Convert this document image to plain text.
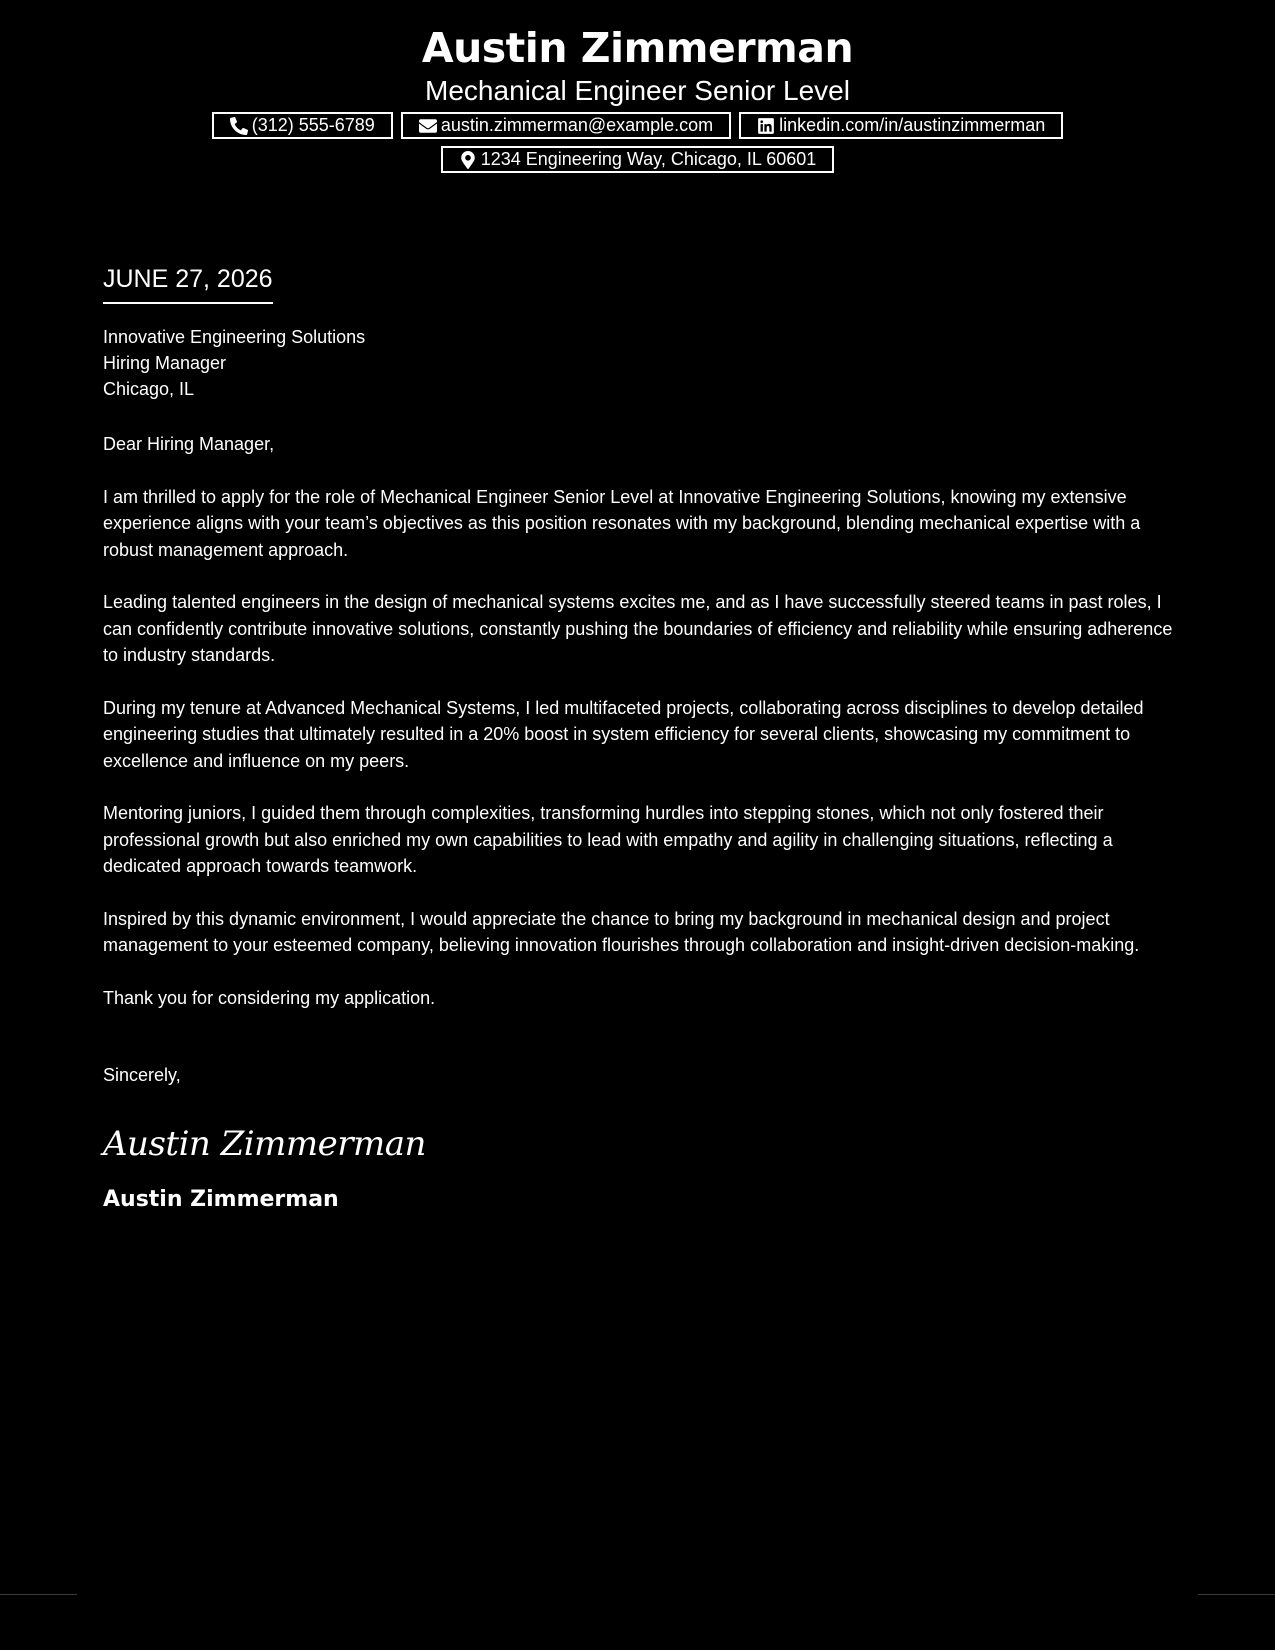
Austin Zimmerman
Mechanical Engineer Senior Level
(312) 555-6789	austin.zimmerman@example.com	linkedin.com/in/austinzimmerman
1234 Engineering Way, Chicago, IL 60601
JUNE 27, 2026
Innovative Engineering Solutions
Hiring Manager
Chicago, IL
Dear Hiring Manager,

I am thrilled to apply for the role of Mechanical Engineer Senior Level at Innovative Engineering Solutions, knowing my extensive experience aligns with your team’s objectives as this position resonates with my background, blending mechanical expertise with a robust management approach.

Leading talented engineers in the design of mechanical systems excites me, and as I have successfully steered teams in past roles, I can confidently contribute innovative solutions, constantly pushing the boundaries of efficiency and reliability while ensuring adherence to industry standards.

During my tenure at Advanced Mechanical Systems, I led multifaceted projects, collaborating across disciplines to develop detailed engineering studies that ultimately resulted in a 20% boost in system efficiency for several clients, showcasing my commitment to excellence and influence on my peers.

Mentoring juniors, I guided them through complexities, transforming hurdles into stepping stones, which not only fostered their professional growth but also enriched my own capabilities to lead with empathy and agility in challenging situations, reflecting a dedicated approach towards teamwork.

Inspired by this dynamic environment, I would appreciate the chance to bring my background in mechanical design and project management to your esteemed company, believing innovation flourishes through collaboration and insight-driven decision-making.

Thank you for considering my application.

Sincerely,
Austin Zimmerman
Austin Zimmerman
